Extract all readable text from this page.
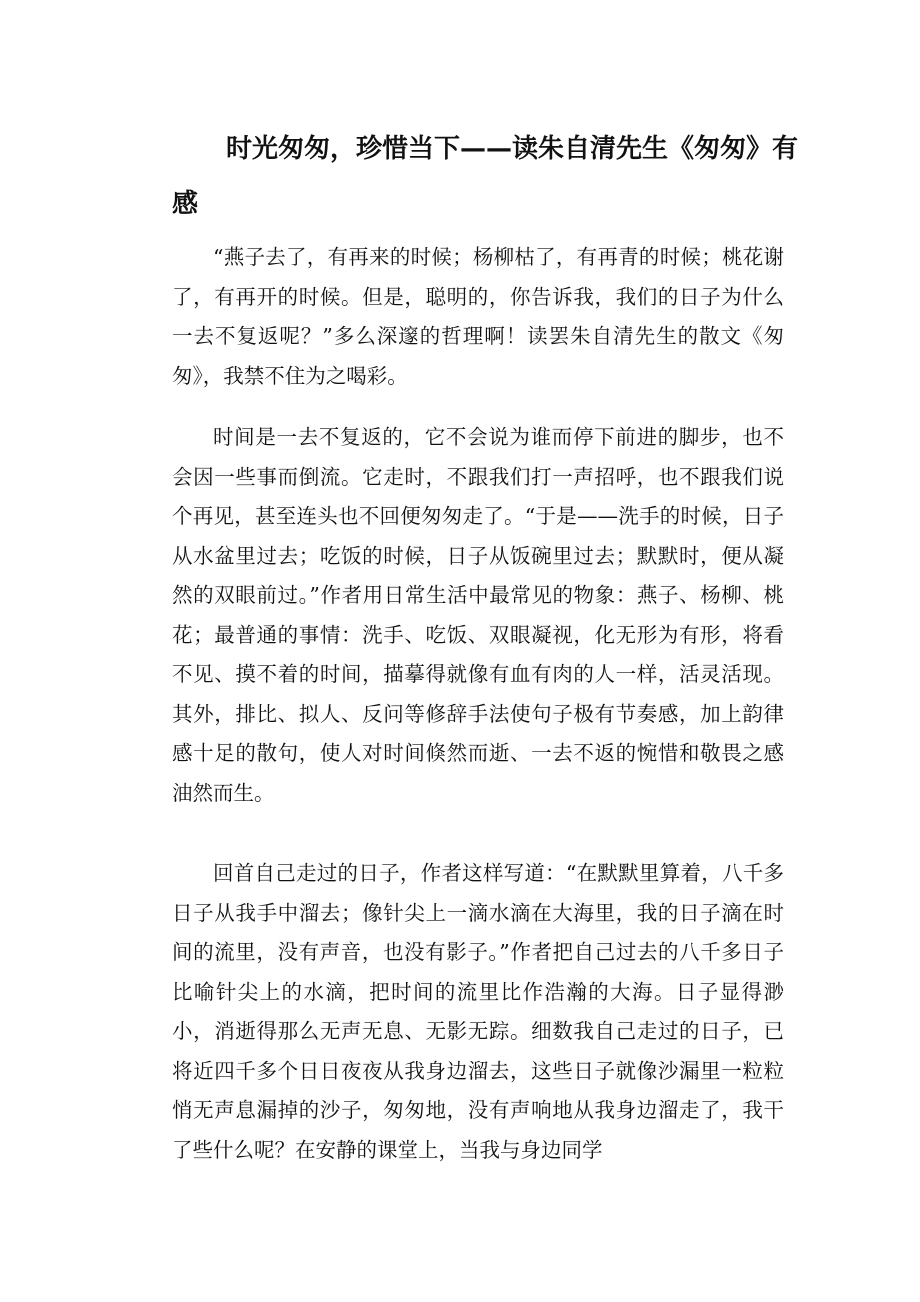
时光匆匆，珍惜当下——读朱自清先生《匆匆》有感

“燕子去了，有再来的时候；杨柳枯了，有再青的时候；桃花谢了，有再开的时候。但是，聪明的，你告诉我，我们的日子为什么一去不复返呢？”多么深邃的哲理啊！读罢朱自清先生的散文《匆匆》，我禁不住为之喝彩。

时间是一去不复返的，它不会说为谁而停下前进的脚步，也不会因一些事而倒流。它走时，不跟我们打一声招呼，也不跟我们说个再见，甚至连头也不回便匆匆走了。“于是——洗手的时候，日子从水盆里过去；吃饭的时候，日子从饭碗里过去；默默时，便从凝然的双眼前过。”作者用日常生活中最常见的物象：燕子、杨柳、桃花；最普通的事情：洗手、吃饭、双眼凝视，化无形为有形，将看不见、摸不着的时间，描摹得就像有血有肉的人一样，活灵活现。其外，排比、拟人、反问等修辞手法使句子极有节奏感，加上韵律感十足的散句，使人对时间倏然而逝、一去不返的惋惜和敬畏之感油然而生。

回首自己走过的日子，作者这样写道：“在默默里算着，八千多日子从我手中溜去；像针尖上一滴水滴在大海里，我的日子滴在时间的流里，没有声音，也没有影子。”作者把自己过去的八千多日子比喻针尖上的水滴，把时间的流里比作浩瀚的大海。日子显得渺小，消逝得那么无声无息、无影无踪。细数我自己走过的日子，已将近四千多个日日夜夜从我身边溜去，这些日子就像沙漏里一粒粒悄无声息漏掉的沙子，匆匆地，没有声响地从我身边溜走了，我干了些什么呢？在安静的课堂上，当我与身边同学
